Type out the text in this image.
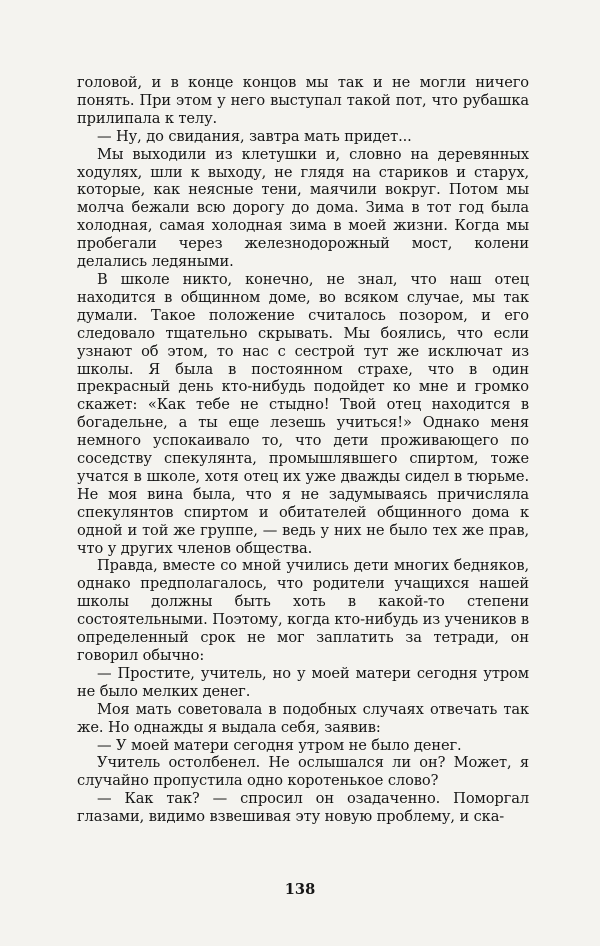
головой, и в конце концов мы так и не могли ничего понять. При этом у него выступал такой пот, что рубашка прилипала к телу.

— Ну, до свидания, завтра мать придет...

Мы выходили из клетушки и, словно на деревянных ходулях, шли к выходу, не глядя на стариков и старух, которые, как неясные тени, маячили вокруг. Потом мы молча бежали всю дорогу до дома. Зима в тот год была холодная, самая холодная зима в моей жизни. Когда мы пробегали через железнодорожный мост, колени делались ледяными.

В школе никто, конечно, не знал, что наш отец находится в общинном доме, во всяком случае, мы так думали. Такое положение считалось позором, и его следовало тщательно скрывать. Мы боялись, что если узнают об этом, то нас с сестрой тут же исключат из школы. Я была в постоянном страхе, что в один прекрасный день кто-нибудь подойдет ко мне и громко скажет: «Как тебе не стыдно! Твой отец находится в богадельне, а ты еще лезешь учиться!» Однако меня немного успокаивало то, что дети проживающего по соседству спекулянта, промышлявшего спиртом, тоже учатся в школе, хотя отец их уже дважды сидел в тюрьме. Не моя вина была, что я не задумываясь причисляла спекулянтов спиртом и обитателей общинного дома к одной и той же группе, — ведь у них не было тех же прав, что у других членов общества.

Правда, вместе со мной учились дети многих бедняков, однако предполагалось, что родители учащихся нашей школы должны быть хоть в какой-то степени состоятельными. Поэтому, когда кто-нибудь из учеников в определенный срок не мог заплатить за тетради, он говорил обычно:

— Простите, учитель, но у моей матери сегодня утром не было мелких денег.

Моя мать советовала в подобных случаях отвечать так же. Но однажды я выдала себя, заявив:

— У моей матери сегодня утром не было денег.

Учитель остолбенел. Не ослышался ли он? Может, я случайно пропустила одно коротенькое слово?

— Как так? — спросил он озадаченно. Поморгал глазами, видимо взвешивая эту новую проблему, и ска-

138
